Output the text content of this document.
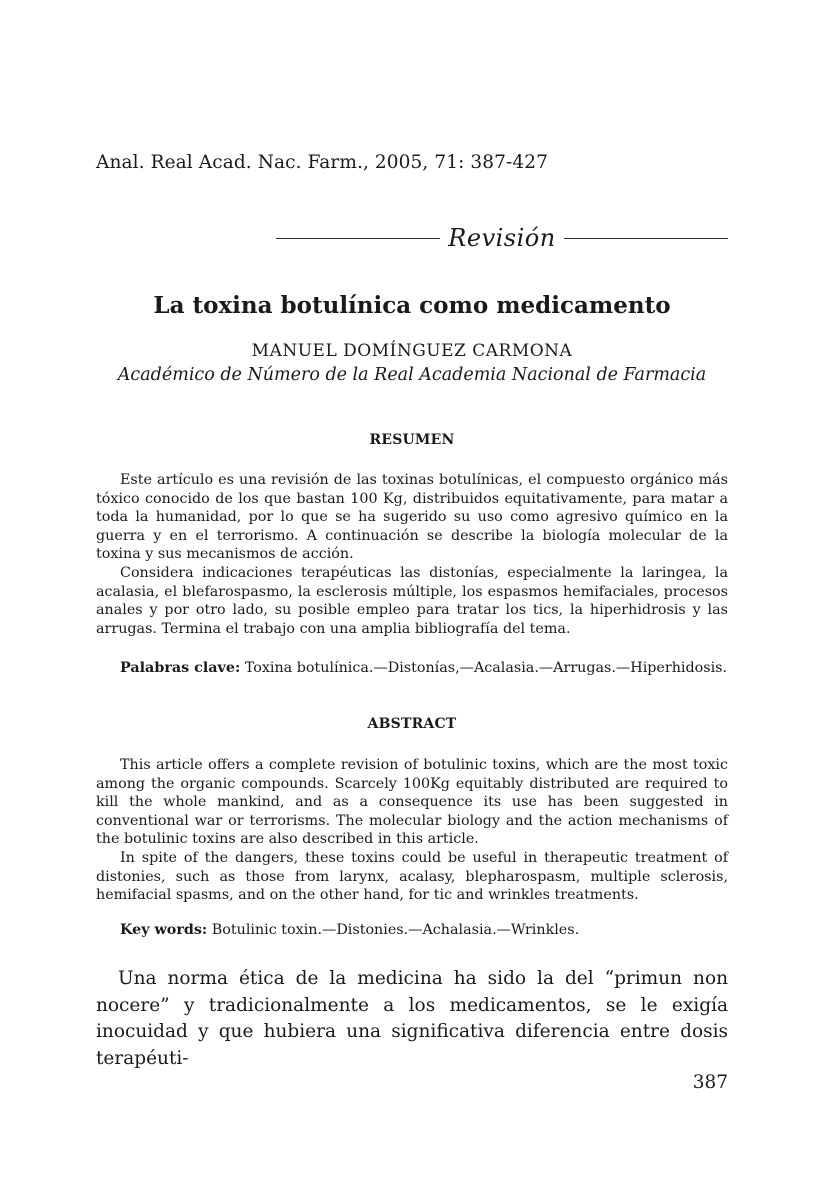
Anal. Real Acad. Nac. Farm., 2005, 71: 387-427
Revisión
La toxina botulínica como medicamento
MANUEL DOMÍNGUEZ CARMONA
Académico de Número de la Real Academia Nacional de Farmacia
RESUMEN

Este artículo es una revisión de las toxinas botulínicas, el compuesto orgánico más tóxico conocido de los que bastan 100 Kg, distribuidos equitativamente, para matar a toda la humanidad, por lo que se ha sugerido su uso como agresivo químico en la guerra y en el terrorismo. A continuación se describe la biología molecular de la toxina y sus mecanismos de acción.

Considera indicaciones terapéuticas las distonías, especialmente la laringea, la acalasia, el blefarospasmo, la esclerosis múltiple, los espasmos hemifaciales, procesos anales y por otro lado, su posible empleo para tratar los tics, la hiperhidrosis y las arrugas. Termina el trabajo con una amplia bibliografía del tema.

Palabras clave: Toxina botulínica.—Distonías,—Acalasia.—Arrugas.—Hiperhidosis.
ABSTRACT

This article offers a complete revision of botulinic toxins, which are the most toxic among the organic compounds. Scarcely 100Kg equitably distributed are required to kill the whole mankind, and as a consequence its use has been suggested in conventional war or terrorisms. The molecular biology and the action mechanisms of the botulinic toxins are also described in this article.

In spite of the dangers, these toxins could be useful in therapeutic treatment of distonies, such as those from larynx, acalasy, blepharospasm, multiple sclerosis, hemifacial spasms, and on the other hand, for tic and wrinkles treatments.

Key words: Botulinic toxin.—Distonies.—Achalasia.—Wrinkles.
Una norma ética de la medicina ha sido la del “primun non nocere” y tradicionalmente a los medicamentos, se le exigía inocuidad y que hubiera una significativa diferencia entre dosis terapéuti-
387
